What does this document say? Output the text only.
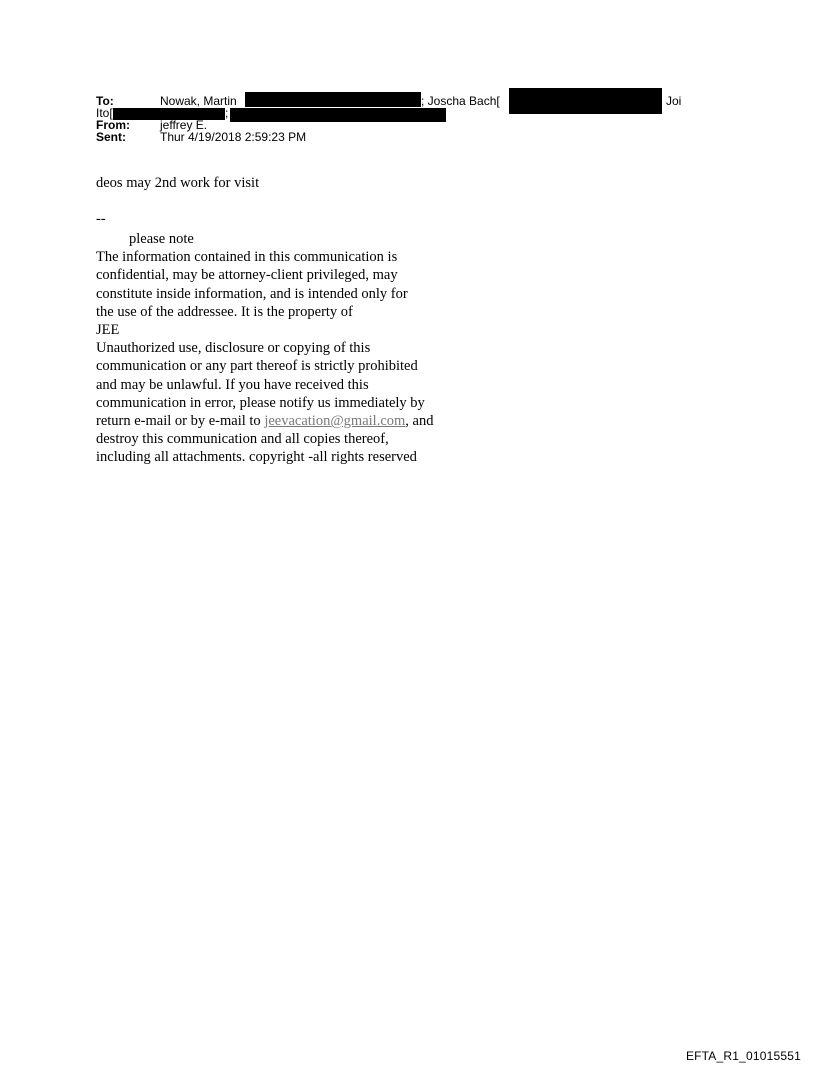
To:	Nowak, Martin	; Joscha Bach[	Joi
Ito[	;
From:	jeffrey E.
Sent:	Thur 4/19/2018 2:59:23 PM
deos may 2nd work for visit
--
please note
The information contained in this communication is
confidential, may be attorney-client privileged, may
constitute inside information, and is intended only for
the use of the addressee. It is the property of
JEE
Unauthorized use, disclosure or copying of this
communication or any part thereof is strictly prohibited
and may be unlawful. If you have received this
communication in error, please notify us immediately by
return e-mail or by e-mail to jeevacation@gmail.com, and
destroy this communication and all copies thereof,
including all attachments. copyright -all rights reserved
EFTA_R1_01015551
